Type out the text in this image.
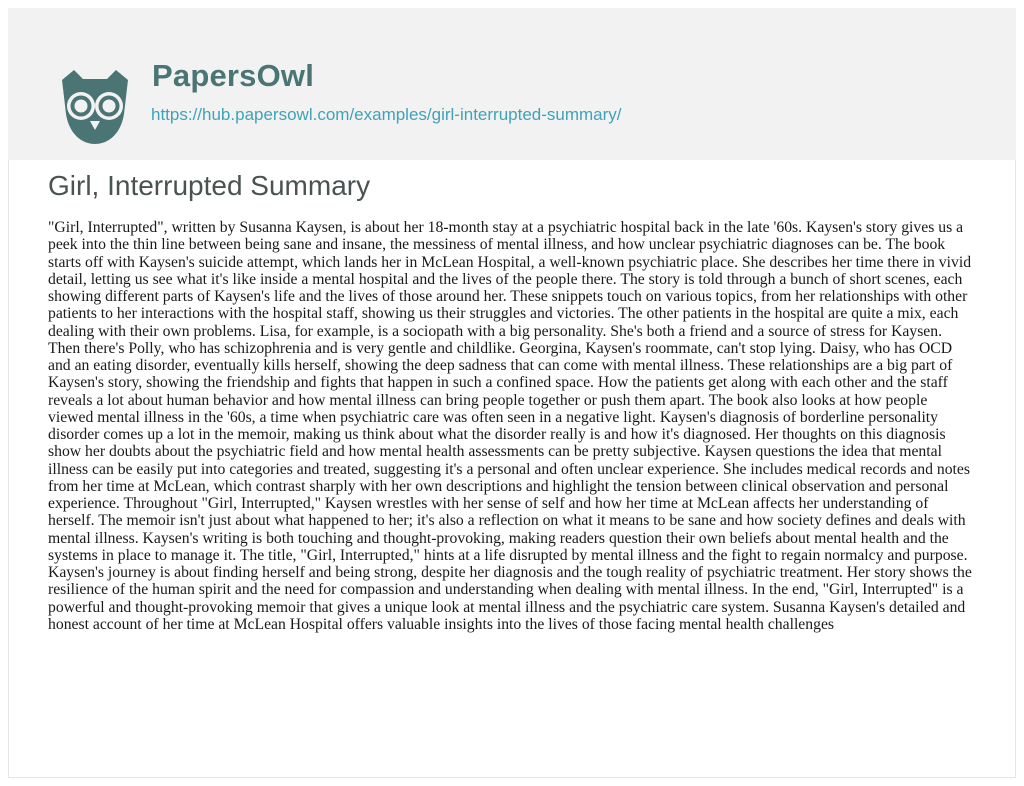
PapersOwl
https://hub.papersowl.com/examples/girl-interrupted-summary/
Girl, Interrupted Summary

"Girl, Interrupted", written by Susanna Kaysen, is about her 18-month stay at a psychiatric hospital back in the late '60s. Kaysen's story gives us a peek into the thin line between being sane and insane, the messiness of mental illness, and how unclear psychiatric diagnoses can be. The book starts off with Kaysen's suicide attempt, which lands her in McLean Hospital, a well-known psychiatric place. She describes her time there in vivid detail, letting us see what it's like inside a mental hospital and the lives of the people there. The story is told through a bunch of short scenes, each showing different parts of Kaysen's life and the lives of those around her. These snippets touch on various topics, from her relationships with other patients to her interactions with the hospital staff, showing us their struggles and victories. The other patients in the hospital are quite a mix, each dealing with their own problems. Lisa, for example, is a sociopath with a big personality. She's both a friend and a source of stress for Kaysen. Then there's Polly, who has schizophrenia and is very gentle and childlike. Georgina, Kaysen's roommate, can't stop lying. Daisy, who has OCD and an eating disorder, eventually kills herself, showing the deep sadness that can come with mental illness. These relationships are a big part of Kaysen's story, showing the friendship and fights that happen in such a confined space. How the patients get along with each other and the staff reveals a lot about human behavior and how mental illness can bring people together or push them apart. The book also looks at how people viewed mental illness in the '60s, a time when psychiatric care was often seen in a negative light. Kaysen's diagnosis of borderline personality disorder comes up a lot in the memoir, making us think about what the disorder really is and how it's diagnosed. Her thoughts on this diagnosis show her doubts about the psychiatric field and how mental health assessments can be pretty subjective. Kaysen questions the idea that mental illness can be easily put into categories and treated, suggesting it's a personal and often unclear experience. She includes medical records and notes from her time at McLean, which contrast sharply with her own descriptions and highlight the tension between clinical observation and personal experience. Throughout "Girl, Interrupted," Kaysen wrestles with her sense of self and how her time at McLean affects her understanding of herself. The memoir isn't just about what happened to her; it's also a reflection on what it means to be sane and how society defines and deals with mental illness. Kaysen's writing is both touching and thought-provoking, making readers question their own beliefs about mental health and the systems in place to manage it. The title, "Girl, Interrupted," hints at a life disrupted by mental illness and the fight to regain normalcy and purpose. Kaysen's journey is about finding herself and being strong, despite her diagnosis and the tough reality of psychiatric treatment. Her story shows the resilience of the human spirit and the need for compassion and understanding when dealing with mental illness. In the end, "Girl, Interrupted" is a powerful and thought-provoking memoir that gives a unique look at mental illness and the psychiatric care system. Susanna Kaysen's detailed and honest account of her time at McLean Hospital offers valuable insights into the lives of those facing mental health challenges
